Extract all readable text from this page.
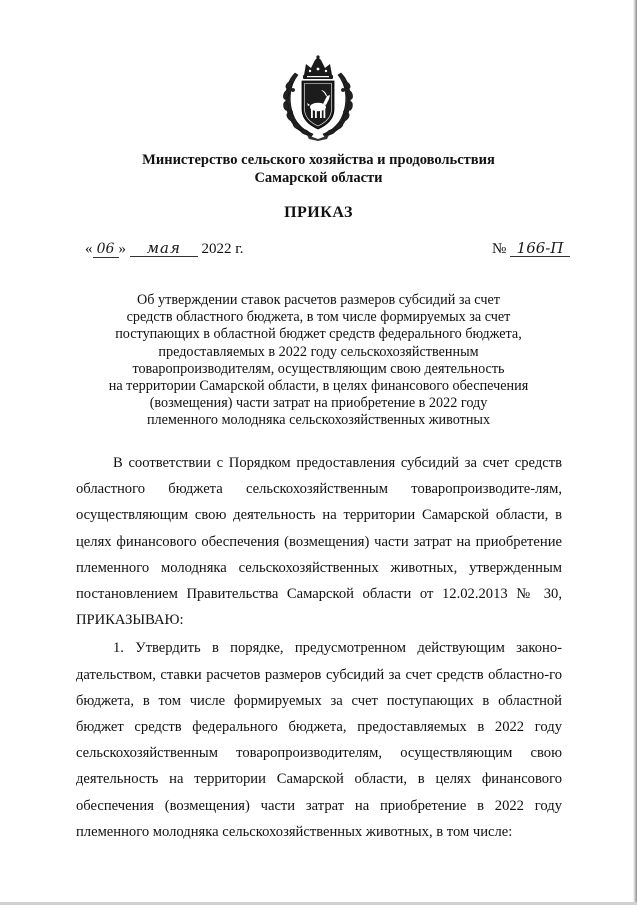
Министерство сельского хозяйства и продовольствия
Самарской области
ПРИКАЗ
« 06 » мая 2022 г.	№ 166-П
Об утверждении ставок расчетов размеров субсидий за счет
средств областного бюджета, в том числе формируемых за счет
поступающих в областной бюджет средств федерального бюджета,
предоставляемых в 2022 году сельскохозяйственным
товаропроизводителям, осуществляющим свою деятельность
на территории Самарской области, в целях финансового обеспечения
(возмещения) части затрат на приобретение в 2022 году
племенного молодняка сельскохозяйственных животных

В соответствии с Порядком предоставления субсидий за счет средств областного бюджета сельскохозяйственным товаропроизводите-лям, осуществляющим свою деятельность на территории Самарской области, в целях финансового обеспечения (возмещения) части затрат на приобретение племенного молодняка сельскохозяйственных животных, утвержденным постановлением Правительства Самарской области от 12.02.2013 № 30, ПРИКАЗЫВАЮ:

1. Утвердить в порядке, предусмотренном действующим законо-дательством, ставки расчетов размеров субсидий за счет средств областно-го бюджета, в том числе формируемых за счет поступающих в областной бюджет средств федерального бюджета, предоставляемых в 2022 году сельскохозяйственным товаропроизводителям, осуществляющим свою деятельность на территории Самарской области, в целях финансового обеспечения (возмещения) части затрат на приобретение в 2022 году племенного молодняка сельскохозяйственных животных, в том числе:
